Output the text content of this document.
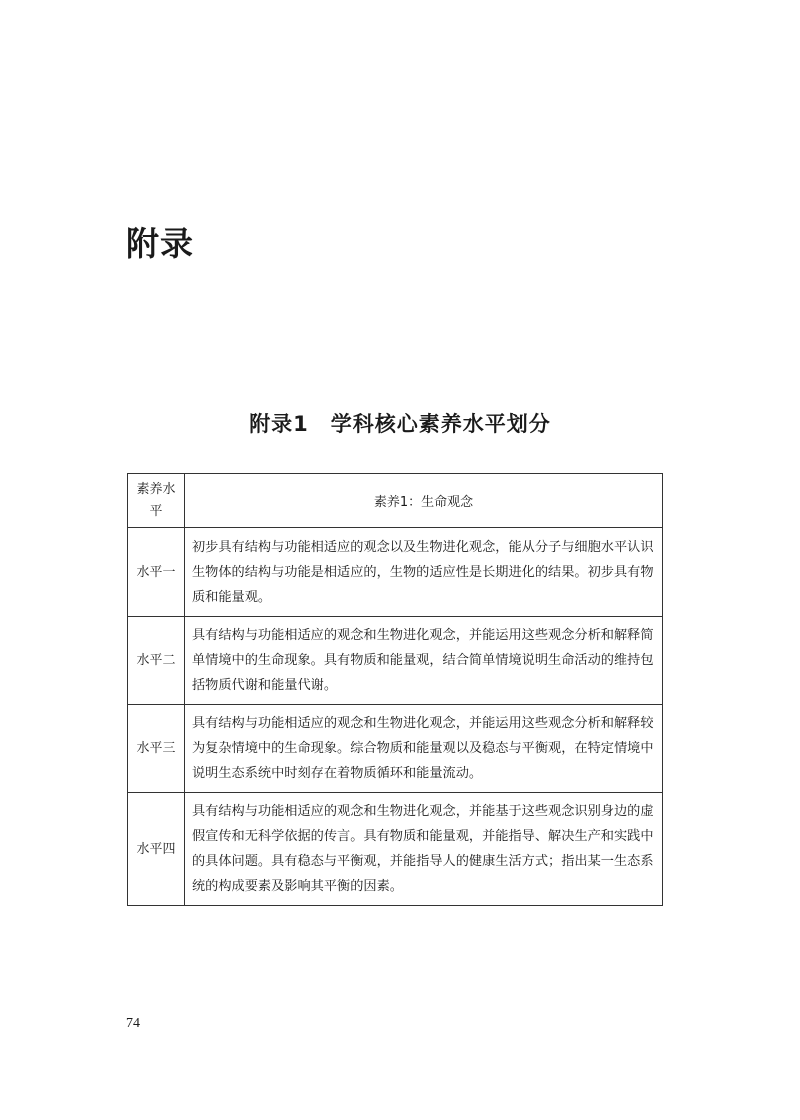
附录
附录1　学科核心素养水平划分
素养水平	素养1：生命观念
水平一	初步具有结构与功能相适应的观念以及生物进化观念，能从分子与细胞水平认识生物体的结构与功能是相适应的，生物的适应性是长期进化的结果。初步具有物质和能量观。
水平二	具有结构与功能相适应的观念和生物进化观念，并能运用这些观念分析和解释简单情境中的生命现象。具有物质和能量观，结合简单情境说明生命活动的维持包括物质代谢和能量代谢。
水平三	具有结构与功能相适应的观念和生物进化观念，并能运用这些观念分析和解释较为复杂情境中的生命现象。综合物质和能量观以及稳态与平衡观，在特定情境中说明生态系统中时刻存在着物质循环和能量流动。
水平四	具有结构与功能相适应的观念和生物进化观念，并能基于这些观念识别身边的虚假宣传和无科学依据的传言。具有物质和能量观，并能指导、解决生产和实践中的具体问题。具有稳态与平衡观，并能指导人的健康生活方式；指出某一生态系统的构成要素及影响其平衡的因素。
74
